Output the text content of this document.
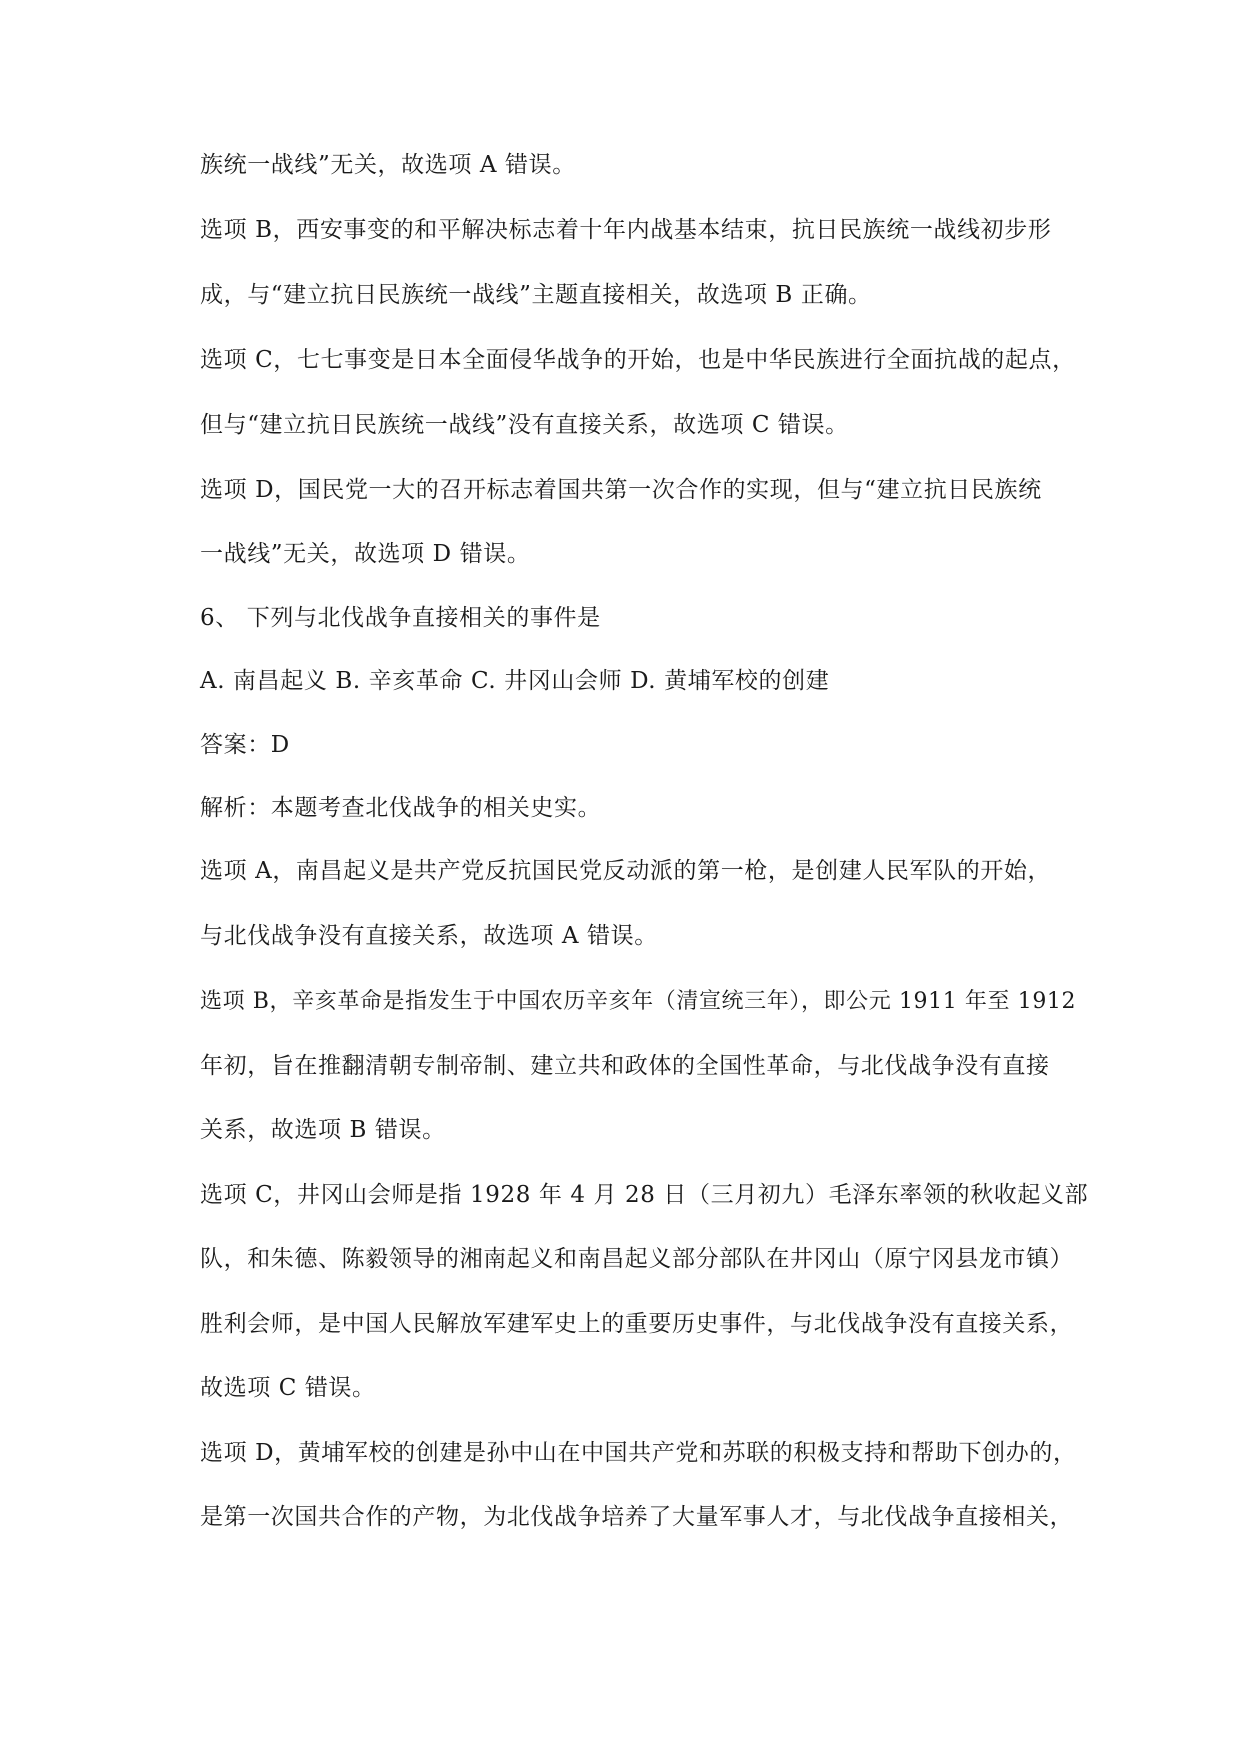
族统一战线”无关，故选项 A 错误。
选项 B，西安事变的和平解决标志着十年内战基本结束，抗日民族统一战线初步形
成，与“建立抗日民族统一战线”主题直接相关，故选项 B 正确。
选项 C，七七事变是日本全面侵华战争的开始，也是中华民族进行全面抗战的起点，
但与“建立抗日民族统一战线”没有直接关系，故选项 C 错误。
选项 D，国民党一大的召开标志着国共第一次合作的实现，但与“建立抗日民族统
一战线”无关，故选项 D 错误。
6、 下列与北伐战争直接相关的事件是
A. 南昌起义 B. 辛亥革命 C. 井冈山会师 D. 黄埔军校的创建
答案：D
解析：本题考查北伐战争的相关史实。
选项 A，南昌起义是共产党反抗国民党反动派的第一枪，是创建人民军队的开始，
与北伐战争没有直接关系，故选项 A 错误。
选项 B，辛亥革命是指发生于中国农历辛亥年（清宣统三年），即公元 1911 年至 1912
年初，旨在推翻清朝专制帝制、建立共和政体的全国性革命，与北伐战争没有直接
关系，故选项 B 错误。
选项 C，井冈山会师是指 1928 年 4 月 28 日（三月初九）毛泽东率领的秋收起义部
队，和朱德、陈毅领导的湘南起义和南昌起义部分部队在井冈山（原宁冈县龙市镇）
胜利会师，是中国人民解放军建军史上的重要历史事件，与北伐战争没有直接关系，
故选项 C 错误。
选项 D，黄埔军校的创建是孙中山在中国共产党和苏联的积极支持和帮助下创办的，
是第一次国共合作的产物，为北伐战争培养了大量军事人才，与北伐战争直接相关，
